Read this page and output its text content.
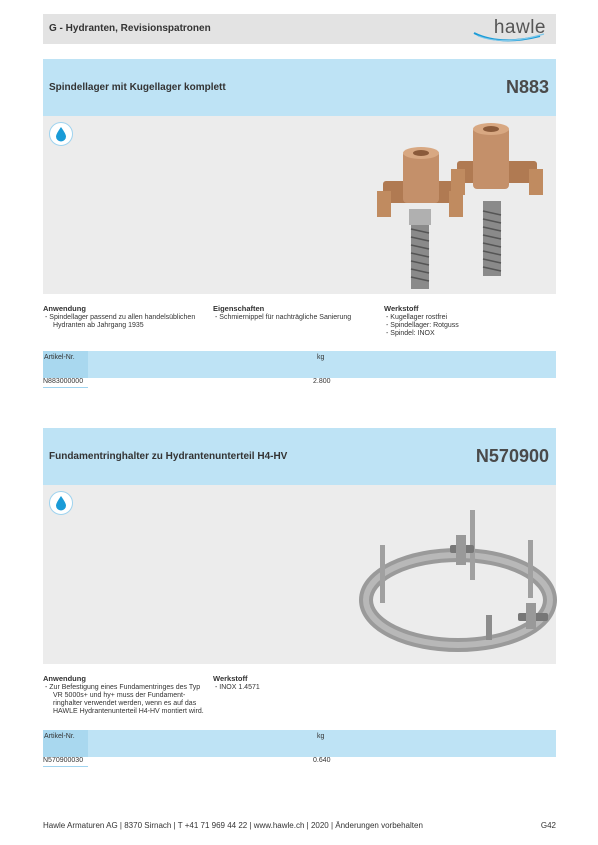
G - Hydranten, Revisionspatronen	hawle
Spindellager mit Kugellager komplett	N883
Anwendung
- Spindellager passend zu allen handelsüblichen Hydranten ab Jahrgang 1935
Eigenschaften
- Schmiernippel für nachträgliche Sanierung
Werkstoff
- Kugellager rostfrei
- Spindellager: Rotguss
- Spindel: INOX
Artikel-Nr.	kg
N883000000	2.800
Fundamentringhalter zu Hydrantenunterteil H4-HV	N570900
Anwendung
- Zur Befestigung eines Fundamentringes des Typ VR 5000s+ und hy+ muss der Fundament-ringhalter verwendet werden, wenn es auf das HAWLE Hydrantenunterteil H4-HV montiert wird.
Werkstoff
- INOX 1.4571
Artikel-Nr.	kg
N570900030	0.640
Hawle Armaturen AG | 8370 Sirnach | T +41 71 969 44 22 | www.hawle.ch | 2020 | Änderungen vorbehalten	G42
